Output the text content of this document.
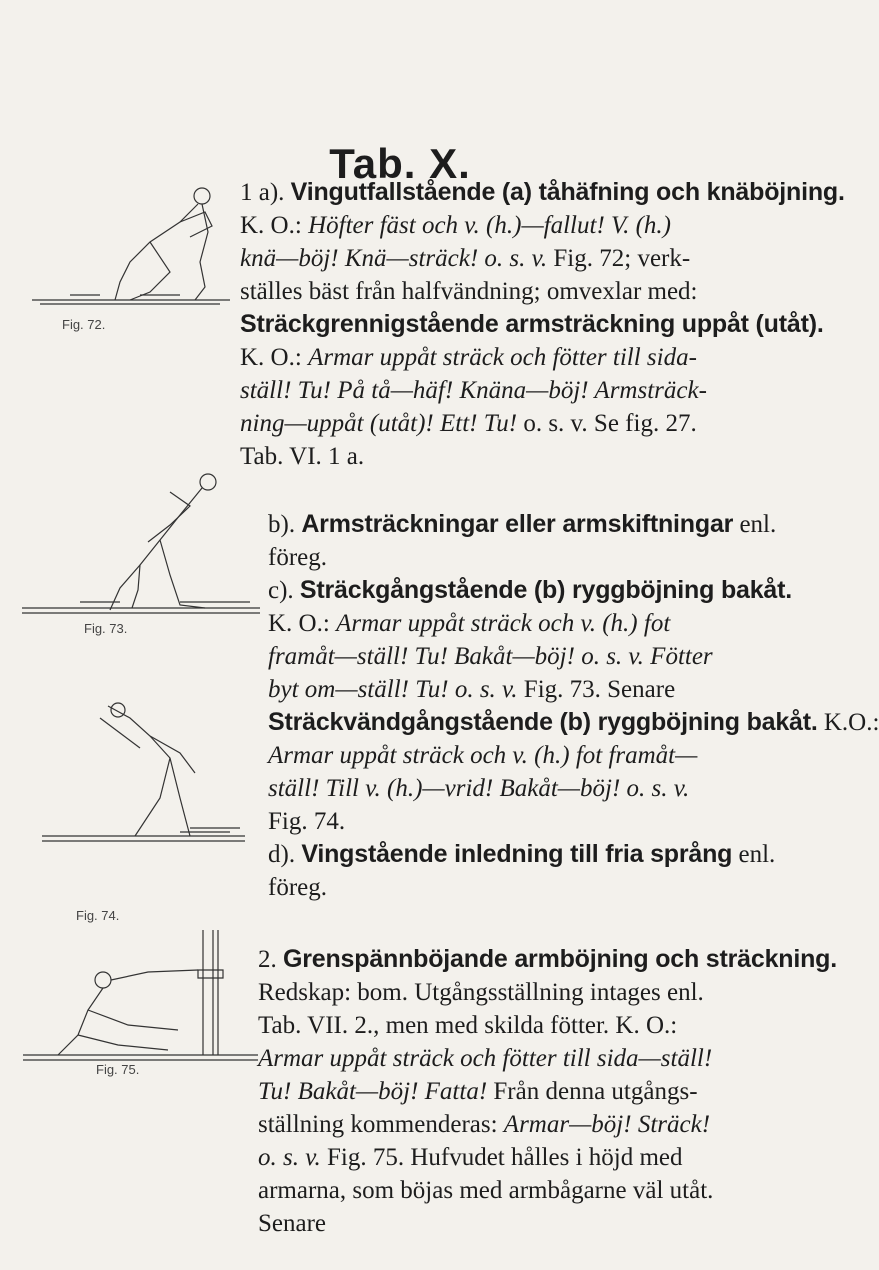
Tab. X.
1 a). Vingutfallstående (a) tåhäfning och knäböjning.
K. O.: Höfter fäst och v. (h.)—fallut! V. (h.)
knä—böj! Knä—sträck! o. s. v. Fig. 72; verk-
ställes bäst från halfvändning; omvexlar med:
Sträckgrennigstående armsträckning uppåt (utåt).
K. O.: Armar uppåt sträck och fötter till sida-
ställ! Tu! På tå—häf! Knäna—böj! Armsträck-
ning—uppåt (utåt)! Ett! Tu! o. s. v. Se fig. 27.
Tab. VI. 1 a.
b). Armsträckningar eller armskiftningar enl.
föreg.
c). Sträckgångstående (b) ryggböjning bakåt.
K. O.: Armar uppåt sträck och v. (h.) fot
framåt—ställ! Tu! Bakåt—böj! o. s. v. Fötter
byt om—ställ! Tu! o. s. v. Fig. 73. Senare
Sträckvändgångstående (b) ryggböjning bakåt. K.O.:
Armar uppåt sträck och v. (h.) fot framåt—
ställ! Till v. (h.)—vrid! Bakåt—böj! o. s. v.
Fig. 74.
d). Vingstående inledning till fria språng enl.
föreg.
2. Grenspännböjande armböjning och sträckning.
Redskap: bom. Utgångsställning intages enl.
Tab. VII. 2., men med skilda fötter. K. O.:
Armar uppåt sträck och fötter till sida—ställ!
Tu! Bakåt—böj! Fatta! Från denna utgångs-
ställning kommenderas: Armar—böj! Sträck!
o. s. v. Fig. 75. Hufvudet hålles i höjd med
armarna, som böjas med armbågarne väl utåt.
Senare
Fig. 72.
Fig. 73.
Fig. 74.
Fig. 75.
